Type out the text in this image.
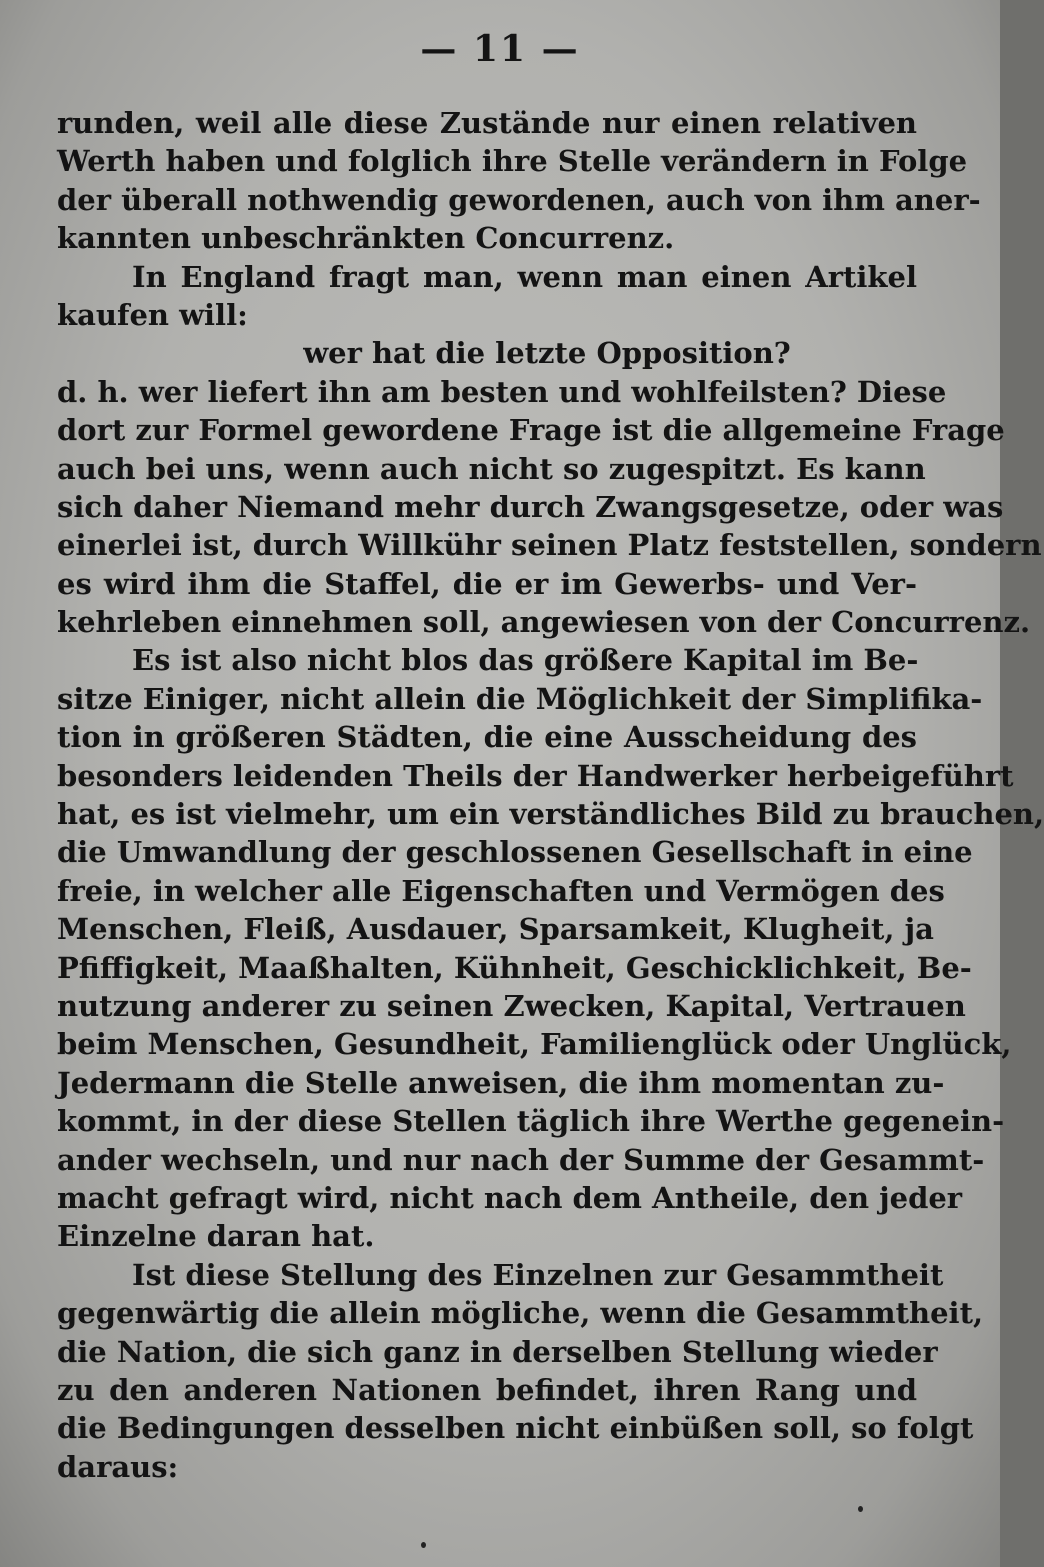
— 11 —
runden, weil alle diese Zustände nur einen relativen
Werth haben und folglich ihre Stelle verändern in Folge
der überall nothwendig gewordenen, auch von ihm aner-
kannten unbeschränkten Concurrenz.
In England fragt man, wenn man einen Artikel
kaufen will:
wer hat die letzte Opposition?
d. h. wer liefert ihn am besten und wohlfeilsten? Diese
dort zur Formel gewordene Frage ist die allgemeine Frage
auch bei uns, wenn auch nicht so zugespitzt. Es kann
sich daher Niemand mehr durch Zwangsgesetze, oder was
einerlei ist, durch Willkühr seinen Platz feststellen, sondern
es wird ihm die Staffel, die er im Gewerbs- und Ver-
kehrleben einnehmen soll, angewiesen von der Concurrenz.
Es ist also nicht blos das größere Kapital im Be-
sitze Einiger, nicht allein die Möglichkeit der Simplifika-
tion in größeren Städten, die eine Ausscheidung des
besonders leidenden Theils der Handwerker herbeigeführt
hat, es ist vielmehr, um ein verständliches Bild zu brauchen,
die Umwandlung der geschlossenen Gesellschaft in eine
freie, in welcher alle Eigenschaften und Vermögen des
Menschen, Fleiß, Ausdauer, Sparsamkeit, Klugheit, ja
Pfiffigkeit, Maaßhalten, Kühnheit, Geschicklichkeit, Be-
nutzung anderer zu seinen Zwecken, Kapital, Vertrauen
beim Menschen, Gesundheit, Familienglück oder Unglück,
Jedermann die Stelle anweisen, die ihm momentan zu-
kommt, in der diese Stellen täglich ihre Werthe gegenein-
ander wechseln, und nur nach der Summe der Gesammt-
macht gefragt wird, nicht nach dem Antheile, den jeder
Einzelne daran hat.
Ist diese Stellung des Einzelnen zur Gesammtheit
gegenwärtig die allein mögliche, wenn die Gesammtheit,
die Nation, die sich ganz in derselben Stellung wieder
zu den anderen Nationen befindet, ihren Rang und
die Bedingungen desselben nicht einbüßen soll, so folgt
daraus:
